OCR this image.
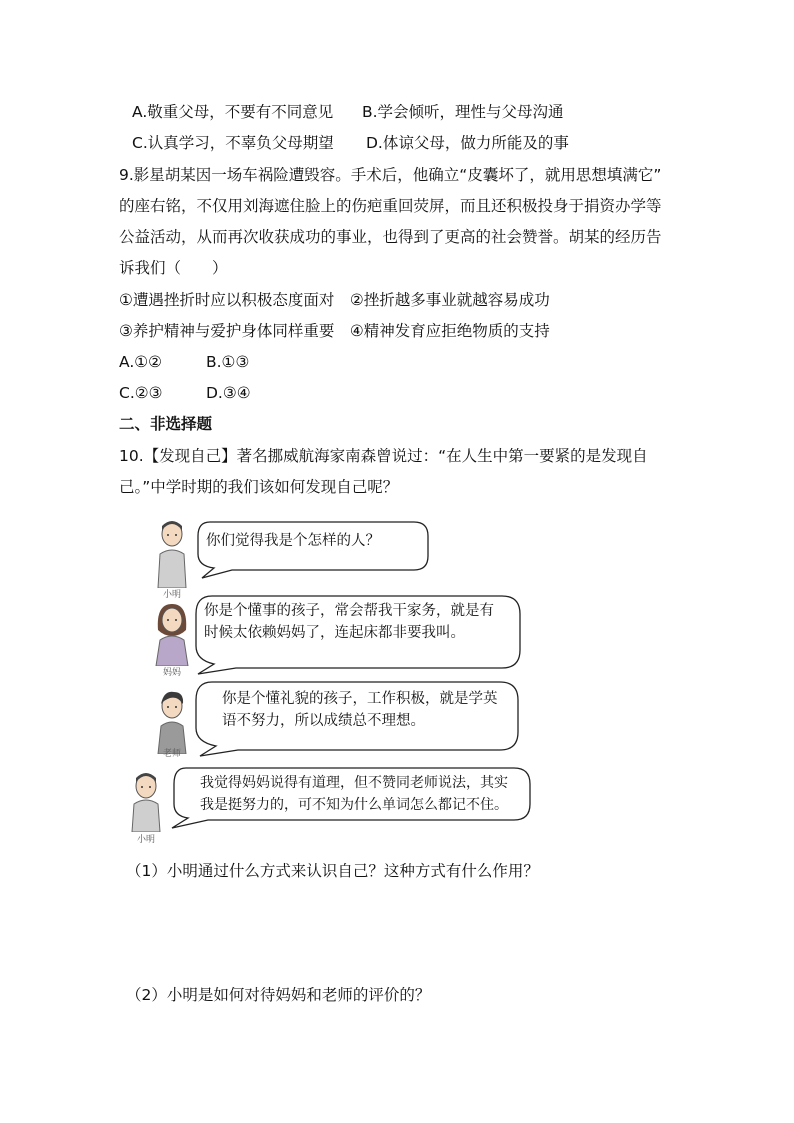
A.敬重父母，不要有不同意见 B.学会倾听，理性与父母沟通
C.认真学习，不辜负父母期望 D.体谅父母，做力所能及的事
9.影星胡某因一场车祸险遭毁容。手术后，他确立“皮囊坏了，就用思想填满它”
的座右铭，不仅用刘海遮住脸上的伤疤重回荧屏，而且还积极投身于捐资办学等
公益活动，从而再次收获成功的事业，也得到了更高的社会赞誉。胡某的经历告
诉我们（　　）
①遭遇挫折时应以积极态度面对　②挫折越多事业就越容易成功
③养护精神与爱护身体同样重要　④精神发育应拒绝物质的支持
A.①②	B.①③
C.②③	D.③④
二、非选择题
10.【发现自己】著名挪威航海家南森曾说过：“在人生中第一要紧的是发现自
己。”中学时期的我们该如何发现自己呢？
小明
你们觉得我是个怎样的人？
妈妈
你是个懂事的孩子，常会帮我干家务，就是有
时候太依赖妈妈了，连起床都非要我叫。
老师
你是个懂礼貌的孩子，工作积极，就是学英
语不努力，所以成绩总不理想。
小明
我觉得妈妈说得有道理，但不赞同老师说法，其实
我是挺努力的，可不知为什么单词怎么都记不住。
（1）小明通过什么方式来认识自己？这种方式有什么作用？
（2）小明是如何对待妈妈和老师的评价的？
